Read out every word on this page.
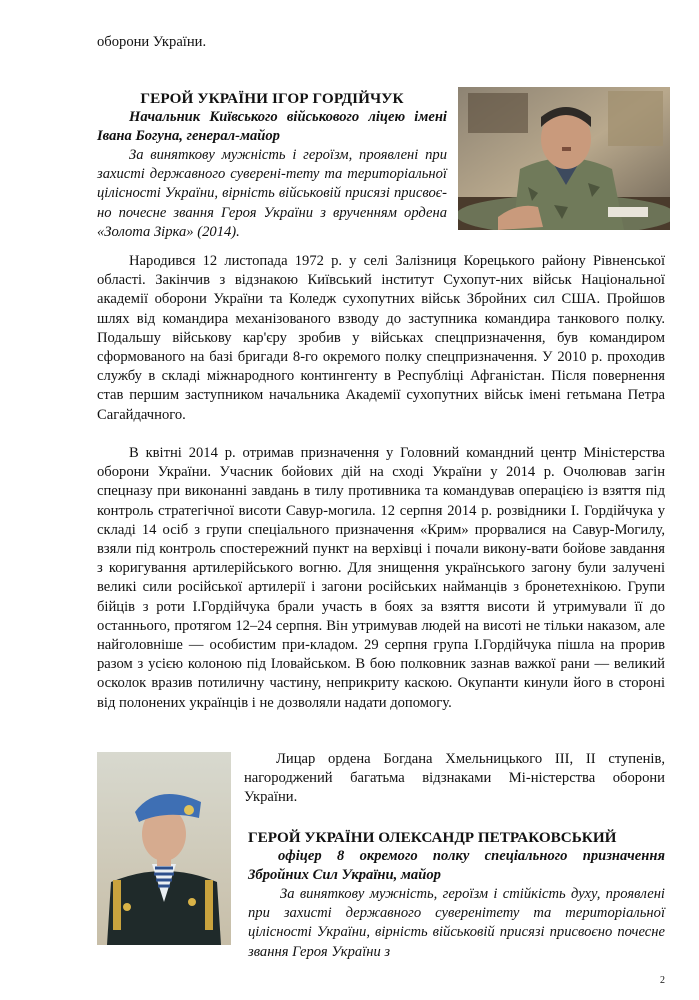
оборони України.

ГЕРОЙ УКРАЇНИ ІГОР ГОРДІЙЧУК

Начальник Київського військового ліцею імені Івана Богуна, генерал-майор

За виняткову мужність і героїзм, проявлені при захисті державного суверені-тету та територіальної цілісності України, вірність військовій присязі присвоє-но почесне звання Героя України з врученням ордена «Золота Зірка» (2014).

Народився 12 листопада 1972 р. у селі Залізниця Корецького району Рівненської області. Закінчив з відзнакою Київський інститут Сухопут-них військ Національної академії оборони України та Коледж сухопутних військ Збройних сил США. Пройшов шлях від командира механізованого взводу до заступника командира танкового полку. Подальшу військову кар'єру зробив у військах спецпризначення, був командиром сформованого на базі бригади 8-го окремого полку спецпризначення. У 2010 р. проходив службу в складі міжнародного контингенту в Республіці Афганістан. Після повернення став першим заступником начальника Академії сухопутних військ імені гетьмана Петра Сагайдачного.

В квітні 2014 р. отримав призначення у Головний командний центр Міністерства оборони України. Учасник бойових дій на сході України у 2014 р. Очолював загін спецназу при виконанні завдань в тилу противника та командував операцією із взяття під контроль стратегічної висоти Савур-могила. 12 серпня 2014 р. розвідники І. Гордійчука у складі 14 осіб з групи спеціального призначення «Крим» прорвалися на Савур-Могилу, взяли під контроль спостережний пункт на верхівці і почали викону-вати бойове завдання з коригування артилерійського вогню. Для знищення українського загону були залучені великі сили російської артилерії і загони російських найманців з бронетехнікою. Групи бійців з роти І.Гордійчука брали участь в боях за взяття висоти й утримували її до останнього, протягом 12–24 серпня. Він утримував людей на висоті не тільки наказом, але найголовніше — особистим при-кладом. 29 серпня група І.Гордійчука пішла на прорив разом з усією колоною під Іловайськом. В бою полковник зазнав важкої рани — великий осколок вразив потиличну частину, неприкриту каскою. Окупанти кинули його в стороні від полонених українців і не дозволяли надати допомогу.

Лицар ордена Богдана Хмельницького ІІІ, ІІ ступенів, нагороджений багатьма відзнаками Мі-ністерства оборони України.

ГЕРОЙ УКРАЇНИ ОЛЕКСАНДР ПЕТРАКОВСЬКИЙ

офіцер 8 окремого полку спеціального призначення Збройних Сил України, майор

За виняткову мужність, героїзм і стійкість духу, проявлені при захисті державного суверенітету та територіальної цілісності України, вірність військовій присязі присвоєно почесне звання Героя України з

2
